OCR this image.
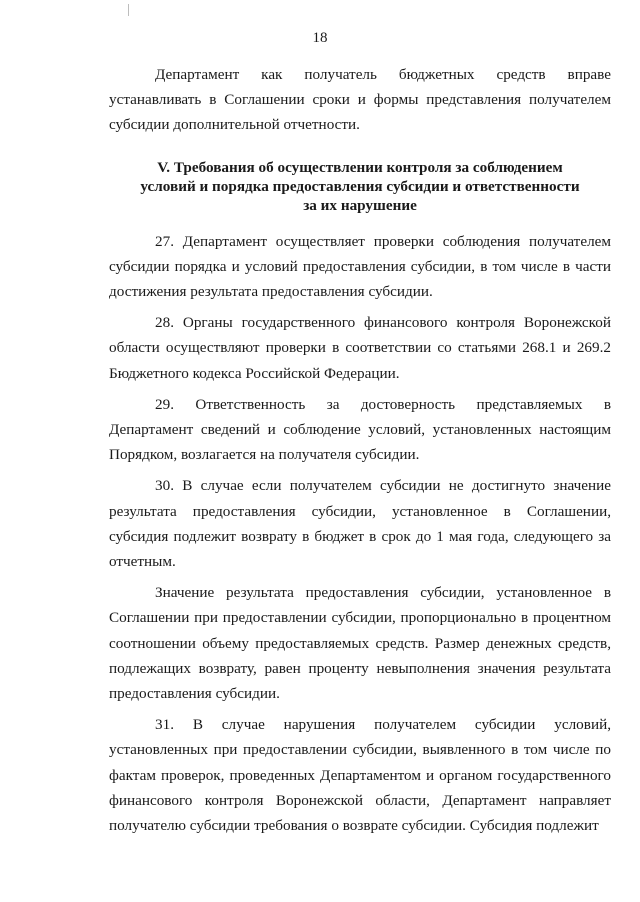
18

Департамент как получатель бюджетных средств вправе устанавливать в Соглашении сроки и формы представления получателем субсидии дополнительной отчетности.

V. Требования об осуществлении контроля за соблюдением
условий и порядка предоставления субсидии и ответственности
за их нарушение

27. Департамент осуществляет проверки соблюдения получателем субсидии порядка и условий предоставления субсидии, в том числе в части достижения результата предоставления субсидии.

28. Органы государственного финансового контроля Воронежской области осуществляют проверки в соответствии со статьями 268.1 и 269.2 Бюджетного кодекса Российской Федерации.

29. Ответственность за достоверность представляемых в Департамент сведений и соблюдение условий, установленных настоящим Порядком, возлагается на получателя субсидии.

30. В случае если получателем субсидии не достигнуто значение результата предоставления субсидии, установленное в Соглашении, субсидия подлежит возврату в бюджет в срок до 1 мая года, следующего за отчетным.

Значение результата предоставления субсидии, установленное в Соглашении при предоставлении субсидии, пропорционально в процентном соотношении объему предоставляемых средств. Размер денежных средств, подлежащих возврату, равен проценту невыполнения значения результата предоставления субсидии.

31. В случае нарушения получателем субсидии условий, установленных при предоставлении субсидии, выявленного в том числе по фактам проверок, проведенных Департаментом и органом государственного финансового контроля Воронежской области, Департамент направляет получателю субсидии требования о возврате субсидии. Субсидия подлежит
